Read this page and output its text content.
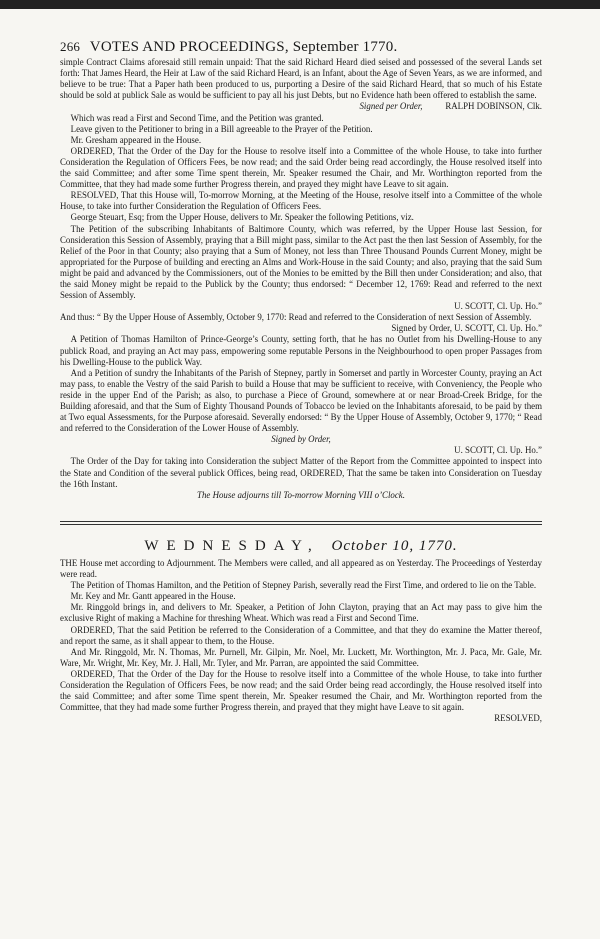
266 VOTES AND PROCEEDINGS, September 1770.

simple Contract Claims aforesaid still remain unpaid: That the said Richard Heard died seised and possessed of the several Lands set forth: That James Heard, the Heir at Law of the said Richard Heard, is an Infant, about the Age of Seven Years, as we are informed, and believe to be true: That a Paper hath been produced to us, purporting a Desire of the said Richard Heard, that so much of his Estate should be sold at publick Sale as would be sufficient to pay all his just Debts, but no Evidence hath been offered to establish the same.

Signed per Order,	RALPH DOBINSON, Clk.

Which was read a First and Second Time, and the Petition was granted.

Leave given to the Petitioner to bring in a Bill agreeable to the Prayer of the Petition.

Mr. Gresham appeared in the House.

ORDERED, That the Order of the Day for the House to resolve itself into a Committee of the whole House, to take into further Consideration the Regulation of Officers Fees, be now read; and the said Order being read accordingly, the House resolved itself into the said Committee; and after some Time spent therein, Mr. Speaker resumed the Chair, and Mr. Worthington reported from the Committee, that they had made some further Progress therein, and prayed they might have Leave to sit again.

RESOLVED, That this House will, To-morrow Morning, at the Meeting of the House, resolve itself into a Committee of the whole House, to take into further Consideration the Regulation of Officers Fees.

George Steuart, Esq; from the Upper House, delivers to Mr. Speaker the following Petitions, viz.

The Petition of the subscribing Inhabitants of Baltimore County, which was referred, by the Upper House last Session, for Consideration this Session of Assembly, praying that a Bill might pass, similar to the Act past the then last Session of Assembly, for the Relief of the Poor in that County; also praying that a Sum of Money, not less than Three Thousand Pounds Current Money, might be appropriated for the Purpose of building and erecting an Alms and Work-House in the said County; and also, praying that the said Sum might be paid and advanced by the Commissioners, out of the Monies to be emitted by the Bill then under Consideration; and also, that the said Money might be repaid to the Publick by the County; thus endorsed: “ December 12, 1769: Read and referred to the next Session of Assembly.

U. SCOTT, Cl. Up. Ho.”

And thus: “ By the Upper House of Assembly, October 9, 1770: Read and referred to the Consideration of next Session of Assembly.

Signed by Order, U. SCOTT, Cl. Up. Ho.”

A Petition of Thomas Hamilton of Prince-George’s County, setting forth, that he has no Outlet from his Dwelling-House to any publick Road, and praying an Act may pass, empowering some reputable Persons in the Neighbourhood to open proper Passages from his Dwelling-House to the publick Way.

And a Petition of sundry the Inhabitants of the Parish of Stepney, partly in Somerset and partly in Worcester County, praying an Act may pass, to enable the Vestry of the said Parish to build a House that may be sufficient to receive, with Conveniency, the People who reside in the upper End of the Parish; as also, to purchase a Piece of Ground, somewhere at or near Broad-Creek Bridge, for the Building aforesaid, and that the Sum of Eighty Thousand Pounds of Tobacco be levied on the Inhabitants aforesaid, to be paid by them at Two equal Assessments, for the Purpose aforesaid. Severally endorsed: “ By the Upper House of Assembly, October 9, 1770; “ Read and referred to the Consideration of the Lower House of Assembly.

Signed by Order,

U. SCOTT, Cl. Up. Ho.”

The Order of the Day for taking into Consideration the subject Matter of the Report from the Committee appointed to inspect into the State and Condition of the several publick Offices, being read, ORDERED, That the same be taken into Consideration on Tuesday the 16th Instant.

The House adjourns till To-morrow Morning VIII o’Clock.

WEDNESDAY, October 10, 1770.

THE House met according to Adjournment. The Members were called, and all appeared as on Yesterday. The Proceedings of Yesterday were read.

The Petition of Thomas Hamilton, and the Petition of Stepney Parish, severally read the First Time, and ordered to lie on the Table.

Mr. Key and Mr. Gantt appeared in the House.

Mr. Ringgold brings in, and delivers to Mr. Speaker, a Petition of John Clayton, praying that an Act may pass to give him the exclusive Right of making a Machine for threshing Wheat. Which was read a First and Second Time.

ORDERED, That the said Petition be referred to the Consideration of a Committee, and that they do examine the Matter thereof, and report the same, as it shall appear to them, to the House.

And Mr. Ringgold, Mr. N. Thomas, Mr. Purnell, Mr. Gilpin, Mr. Noel, Mr. Luckett, Mr. Worthington, Mr. J. Paca, Mr. Gale, Mr. Ware, Mr. Wright, Mr. Key, Mr. J. Hall, Mr. Tyler, and Mr. Parran, are appointed the said Committee.

ORDERED, That the Order of the Day for the House to resolve itself into a Committee of the whole House, to take into further Consideration the Regulation of Officers Fees, be now read; and the said Order being read accordingly, the House resolved itself into the said Committee; and after some Time spent therein, Mr. Speaker resumed the Chair, and Mr. Worthington reported from the Committee, that they had made some further Progress therein, and prayed that they might have Leave to sit again.

RESOLVED,
